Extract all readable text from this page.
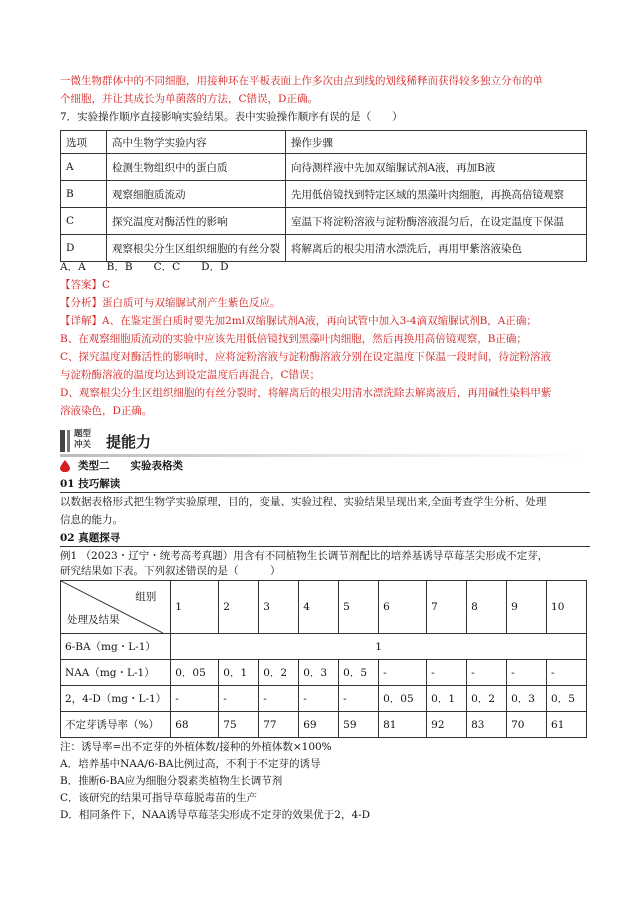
一微生物群体中的不同细胞，用接种环在平板表面上作多次由点到线的划线稀释而获得较多独立分布的单
个细胞，并让其成长为单菌落的方法，C错误，D正确。
7．实验操作顺序直接影响实验结果。表中实验操作顺序有误的是（　　）
选项	高中生物学实验内容	操作步骤
A	检测生物组织中的蛋白质	向待测样液中先加双缩脲试剂A液，再加B液
B	观察细胞质流动	先用低倍镜找到特定区域的黑藻叶肉细胞，再换高倍镜观察
C	探究温度对酶活性的影响	室温下将淀粉溶液与淀粉酶溶液混匀后，在设定温度下保温
D	观察根尖分生区组织细胞的有丝分裂	将解离后的根尖用清水漂洗后，再用甲紫溶液染色
A．A　　B．B　　C．C　　D．D
【答案】C
【分析】蛋白质可与双缩脲试剂产生紫色反应。
【详解】A、在鉴定蛋白质时要先加2ml双缩脲试剂A液，再向试管中加入3-4滴双缩脲试剂B，A正确；
B、在观察细胞质流动的实验中应该先用低倍镜找到黑藻叶肉细胞，然后再换用高倍镜观察，B正确；
C、探究温度对酶活性的影响时，应将淀粉溶液与淀粉酶溶液分别在设定温度下保温一段时间，待淀粉溶液
与淀粉酶溶液的温度均达到设定温度后再混合，C错误；
D、观察根尖分生区组织细胞的有丝分裂时，将解离后的根尖用清水漂洗除去解离液后，再用碱性染料甲紫
溶液染色，D正确。
题型
冲关 提能力
类型二　　实验表格类
01 技巧解读
以数据表格形式把生物学实验原理，目的，变量、实验过程、实验结果呈现出来,全面考查学生分析、处理
信息的能力。
02 真题探寻
例1 （2023・辽宁・统考高考真题）用含有不同植物生长调节剂配比的培养基诱导草莓茎尖形成不定芽，
研究结果如下表。下列叙述错误的是（　　　）
组别
处理及结果	1	2	3	4	5	6	7	8	9	10
6-BA（mg・L-1）	1									
NAA（mg・L-1）	0．05	0．1	0．2	0．3	0．5	-	-	-	-	-
2，4-D（mg・L-1）	-	-	-	-	-	0．05	0．1	0．2	0．3	0．5
不定芽诱导率（%）	68	75	77	69	59	81	92	83	70	61
注：诱导率=出不定芽的外植体数/接种的外植体数×100%
A．培养基中NAA/6-BA比例过高，不利于不定芽的诱导
B．推断6-BA应为细胞分裂素类植物生长调节剂
C．该研究的结果可指导草莓脱毒苗的生产
D．相同条件下，NAA诱导草莓茎尖形成不定芽的效果优于2，4-D
